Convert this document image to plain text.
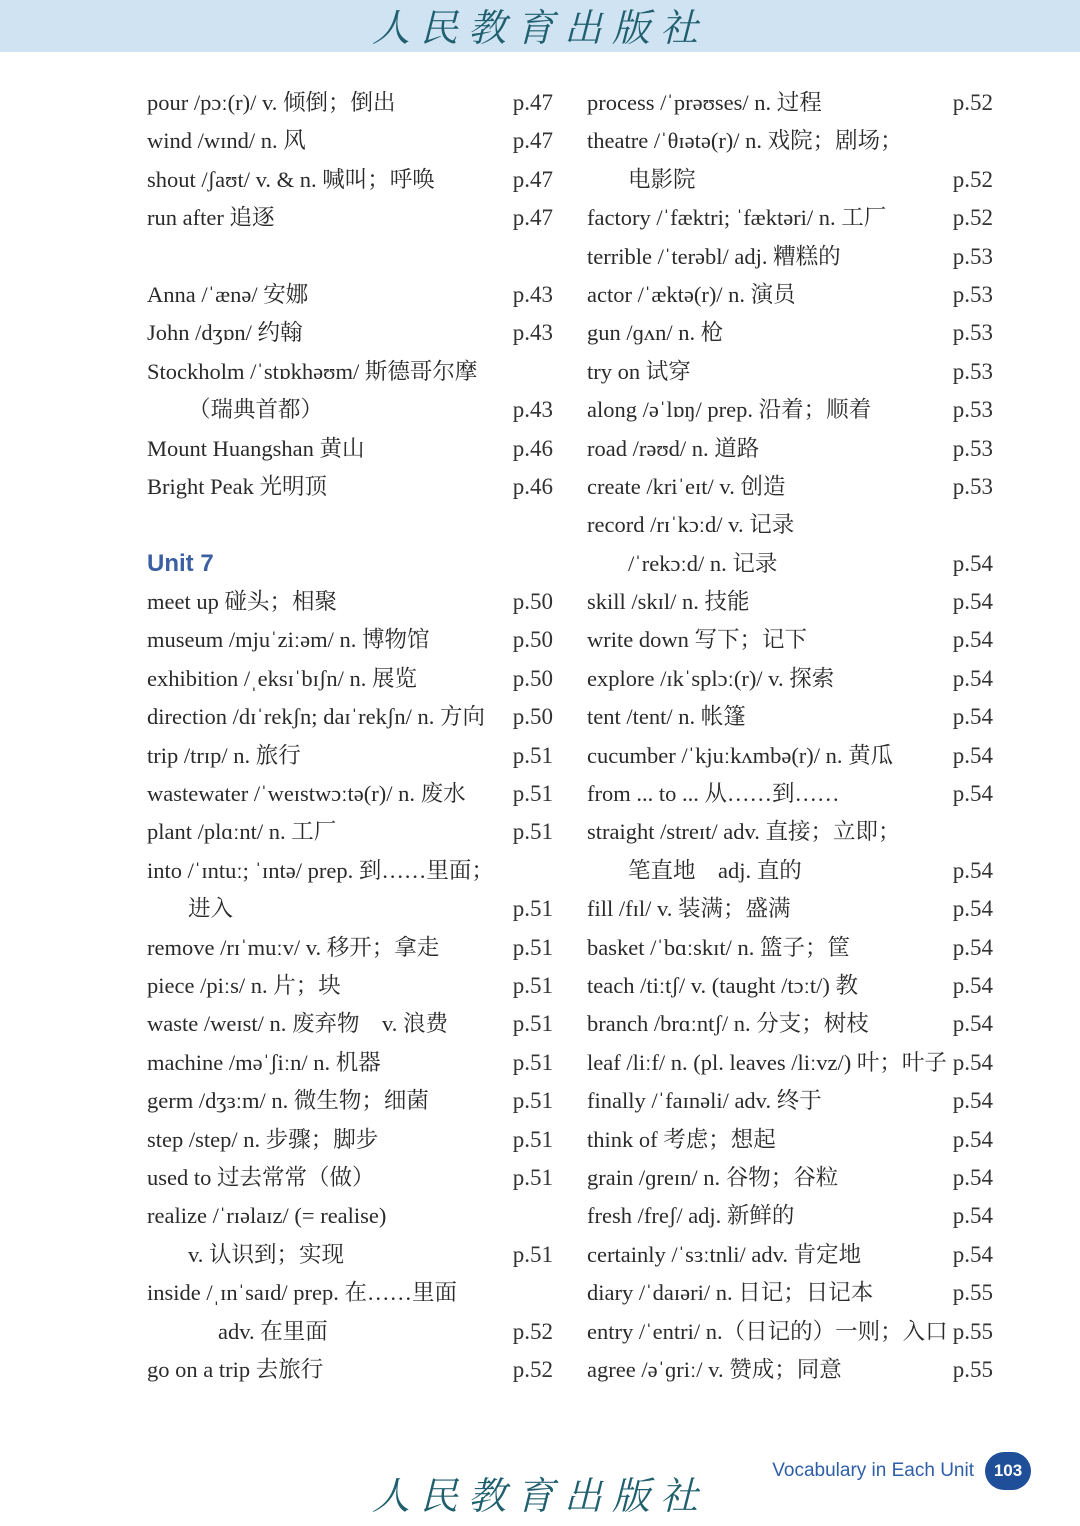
人民教育出版社
pour /pɔː(r)/ v. 倾倒；倒出	p.47
wind /wɪnd/ n. 风	p.47
shout /ʃaʊt/ v. & n. 喊叫；呼唤	p.47
run after 追逐	p.47
Anna /ˈænə/ 安娜	p.43
John /dʒɒn/ 约翰	p.43
Stockholm /ˈstɒkhəʊm/ 斯德哥尔摩
（瑞典首都）	p.43
Mount Huangshan 黄山	p.46
Bright Peak 光明顶	p.46
Unit 7
meet up 碰头；相聚	p.50
museum /mjuˈziːəm/ n. 博物馆	p.50
exhibition /ˌeksɪˈbɪʃn/ n. 展览	p.50
direction /dɪˈrekʃn; daɪˈrekʃn/ n. 方向 p.50
trip /trɪp/ n. 旅行	p.51
wastewater /ˈweɪstwɔːtə(r)/ n. 废水 p.51
plant /plɑːnt/ n. 工厂	p.51
into /ˈɪntuː; ˈɪntə/ prep. 到……里面；
进入	p.51
remove /rɪˈmuːv/ v. 移开；拿走	p.51
piece /piːs/ n. 片；块	p.51
waste /weɪst/ n. 废弃物　v. 浪费	p.51
machine /məˈʃiːn/ n. 机器	p.51
germ /dʒɜːm/ n. 微生物；细菌	p.51
step /step/ n. 步骤；脚步	p.51
used to 过去常常（做）	p.51
realize /ˈrɪəlaɪz/ (= realise)
v. 认识到；实现	p.51
inside /ˌɪnˈsaɪd/ prep. 在……里面
adv. 在里面	p.52
go on a trip 去旅行	p.52
process /ˈprəʊses/ n. 过程	p.52
theatre /ˈθɪətə(r)/ n. 戏院；剧场；
电影院	p.52
factory /ˈfæktri; ˈfæktəri/ n. 工厂	p.52
terrible /ˈterəbl/ adj. 糟糕的	p.53
actor /ˈæktə(r)/ n. 演员	p.53
gun /ɡʌn/ n. 枪	p.53
try on 试穿	p.53
along /əˈlɒŋ/ prep. 沿着；顺着	p.53
road /rəʊd/ n. 道路	p.53
create /kriˈeɪt/ v. 创造	p.53
record /rɪˈkɔːd/ v. 记录
/ˈrekɔːd/ n. 记录	p.54
skill /skɪl/ n. 技能	p.54
write down 写下；记下	p.54
explore /ɪkˈsplɔː(r)/ v. 探索	p.54
tent /tent/ n. 帐篷	p.54
cucumber /ˈkjuːkʌmbə(r)/ n. 黄瓜	p.54
from ... to ... 从……到……	p.54
straight /streɪt/ adv. 直接；立即；
笔直地　adj. 直的	p.54
fill /fɪl/ v. 装满；盛满	p.54
basket /ˈbɑːskɪt/ n. 篮子；筐	p.54
teach /tiːtʃ/ v. (taught /tɔːt/) 教	p.54
branch /brɑːntʃ/ n. 分支；树枝	p.54
leaf /liːf/ n. (pl. leaves /liːvz/) 叶；叶子 p.54
finally /ˈfaɪnəli/ adv. 终于	p.54
think of 考虑；想起	p.54
grain /ɡreɪn/ n. 谷物；谷粒	p.54
fresh /freʃ/ adj. 新鲜的	p.54
certainly /ˈsɜːtnli/ adv. 肯定地	p.54
diary /ˈdaɪəri/ n. 日记；日记本	p.55
entry /ˈentri/ n.（日记的）一则；入口 p.55
agree /əˈɡriː/ v. 赞成；同意	p.55
Vocabulary in Each Unit	103
人民教育出版社
